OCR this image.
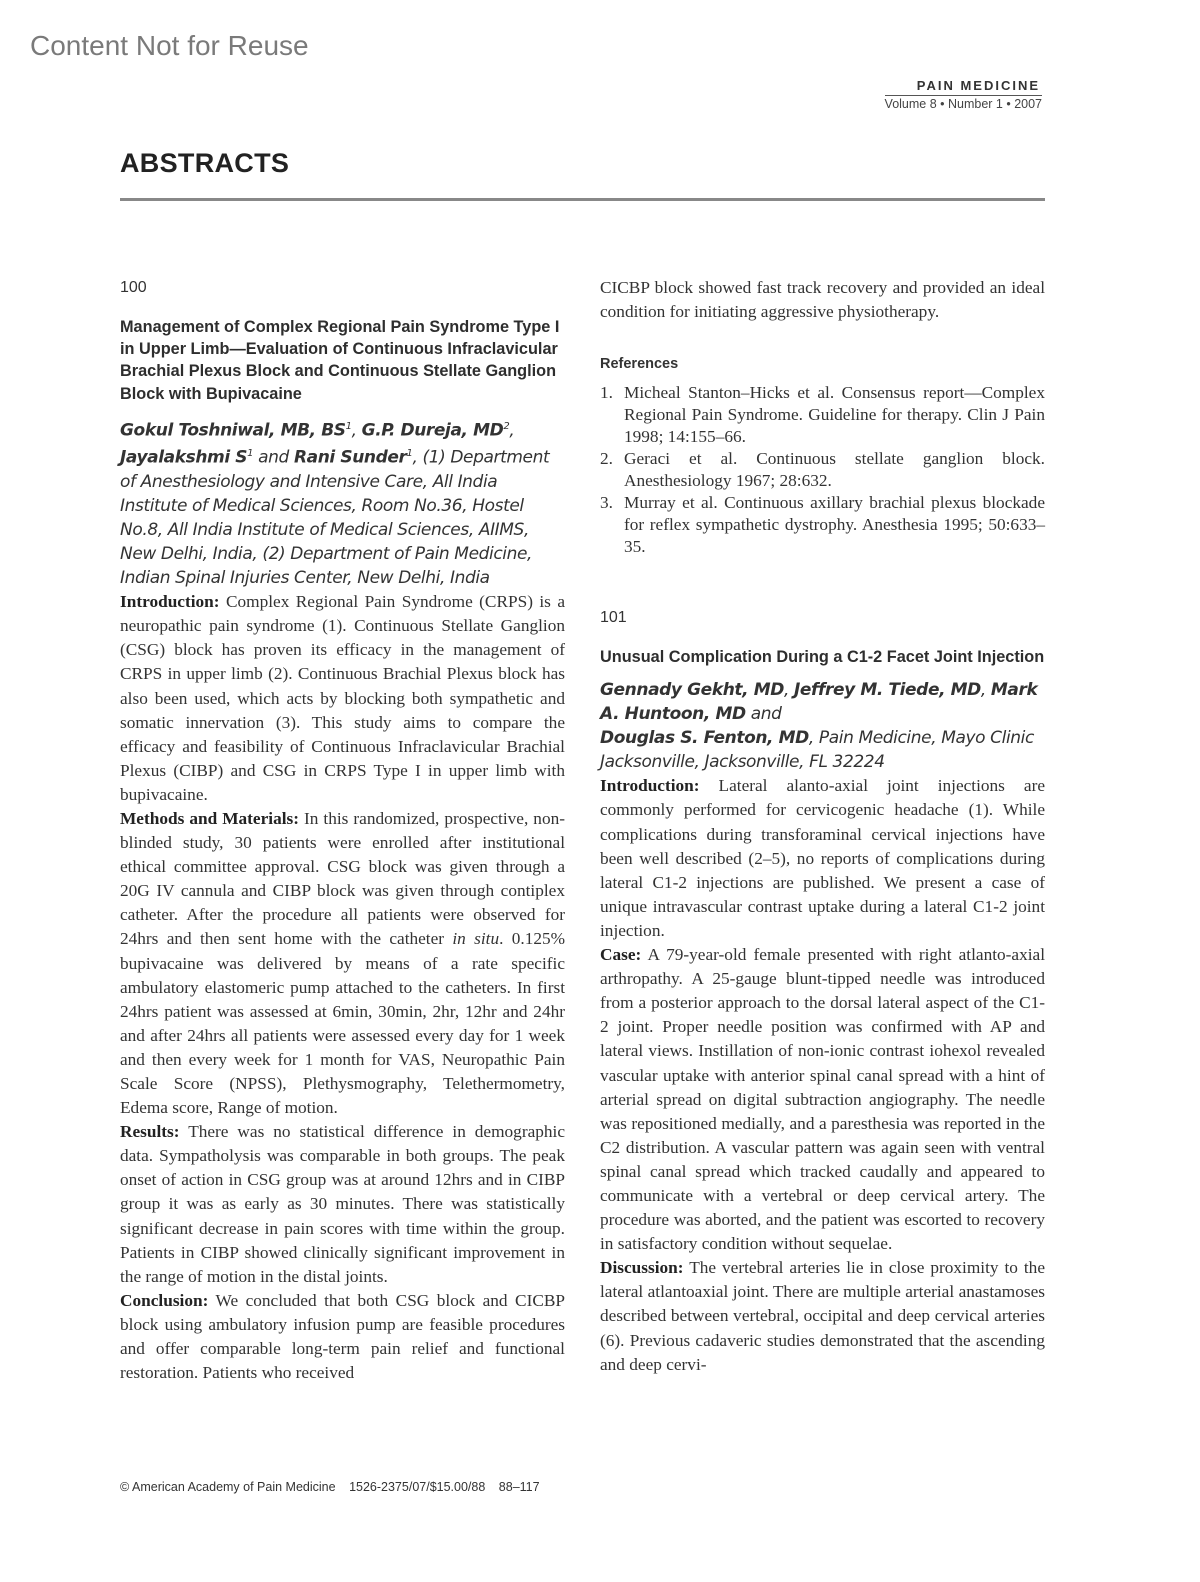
Content Not for Reuse
PAIN MEDICINE
Volume 8 • Number 1 • 2007
ABSTRACTS
100
Management of Complex Regional Pain Syndrome Type I in Upper Limb—Evaluation of Continuous Infraclavicular Brachial Plexus Block and Continuous Stellate Ganglion Block with Bupivacaine
Gokul Toshniwal, MB, $BS^1$, G.P. Dureja, $MD^2$, Jayalakshmi $S^1$ and Rani Sunder$^1$, (1) Department of Anesthesiology and Intensive Care, All India Institute of Medical Sciences, Room No.36, Hostel No.8, All India Institute of Medical Sciences, AIIMS, New Delhi, India, (2) Department of Pain Medicine, Indian Spinal Injuries Center, New Delhi, India

Introduction: Complex Regional Pain Syndrome (CRPS) is a neuropathic pain syndrome (1). Continuous Stellate Ganglion (CSG) block has proven its efficacy in the management of CRPS in upper limb (2). Continuous Brachial Plexus block has also been used, which acts by blocking both sympathetic and somatic innervation (3). This study aims to compare the efficacy and feasibility of Continuous Infraclavicular Brachial Plexus (CIBP) and CSG in CRPS Type I in upper limb with bupivacaine.

Methods and Materials: In this randomized, prospective, non-blinded study, 30 patients were enrolled after institutional ethical committee approval. CSG block was given through a 20G IV cannula and CIBP block was given through contiplex catheter. After the procedure all patients were observed for 24hrs and then sent home with the catheter in situ. 0.125% bupivacaine was delivered by means of a rate specific ambulatory elastomeric pump attached to the catheters. In first 24hrs patient was assessed at 6min, 30min, 2hr, 12hr and 24hr and after 24hrs all patients were assessed every day for 1 week and then every week for 1 month for VAS, Neuropathic Pain Scale Score (NPSS), Plethysmography, Telethermometry, Edema score, Range of motion.

Results: There was no statistical difference in demographic data. Sympatholysis was comparable in both groups. The peak onset of action in CSG group was at around 12hrs and in CIBP group it was as early as 30 minutes. There was statistically significant decrease in pain scores with time within the group. Patients in CIBP showed clinically significant improvement in the range of motion in the distal joints.

Conclusion: We concluded that both CSG block and CICBP block using ambulatory infusion pump are feasible procedures and offer comparable long-term pain relief and functional restoration. Patients who received

CICBP block showed fast track recovery and provided an ideal condition for initiating aggressive physiotherapy.

References
1. Micheal Stanton–Hicks et al. Consensus report—Complex Regional Pain Syndrome. Guideline for therapy. Clin J Pain 1998; 14:155–66.
2. Geraci et al. Continuous stellate ganglion block. Anesthesiology 1967; 28:632.
3. Murray et al. Continuous axillary brachial plexus blockade for reflex sympathetic dystrophy. Anesthesia 1995; 50:633–35.
101
Unusual Complication During a C1-2 Facet Joint Injection
Gennady Gekht, MD, Jeffrey M. Tiede, MD, Mark A. Huntoon, MD and
Douglas S. Fenton, MD, Pain Medicine, Mayo Clinic Jacksonville, Jacksonville, FL 32224

Introduction: Lateral alanto-axial joint injections are commonly performed for cervicogenic headache (1). While complications during transforaminal cervical injections have been well described (2–5), no reports of complications during lateral C1-2 injections are published. We present a case of unique intravascular contrast uptake during a lateral C1-2 joint injection.

Case: A 79-year-old female presented with right atlanto-axial arthropathy. A 25-gauge blunt-tipped needle was introduced from a posterior approach to the dorsal lateral aspect of the C1-2 joint. Proper needle position was confirmed with AP and lateral views. Instillation of non-ionic contrast iohexol revealed vascular uptake with anterior spinal canal spread with a hint of arterial spread on digital subtraction angiography. The needle was repositioned medially, and a paresthesia was reported in the C2 distribution. A vascular pattern was again seen with ventral spinal canal spread which tracked caudally and appeared to communicate with a vertebral or deep cervical artery. The procedure was aborted, and the patient was escorted to recovery in satisfactory condition without sequelae.

Discussion: The vertebral arteries lie in close proximity to the lateral atlantoaxial joint. There are multiple arterial anastamoses described between vertebral, occipital and deep cervical arteries (6). Previous cadaveric studies demonstrated that the ascending and deep cervi-

© American Academy of Pain Medicine 1526-2375/07/$15.00/88 88–117
